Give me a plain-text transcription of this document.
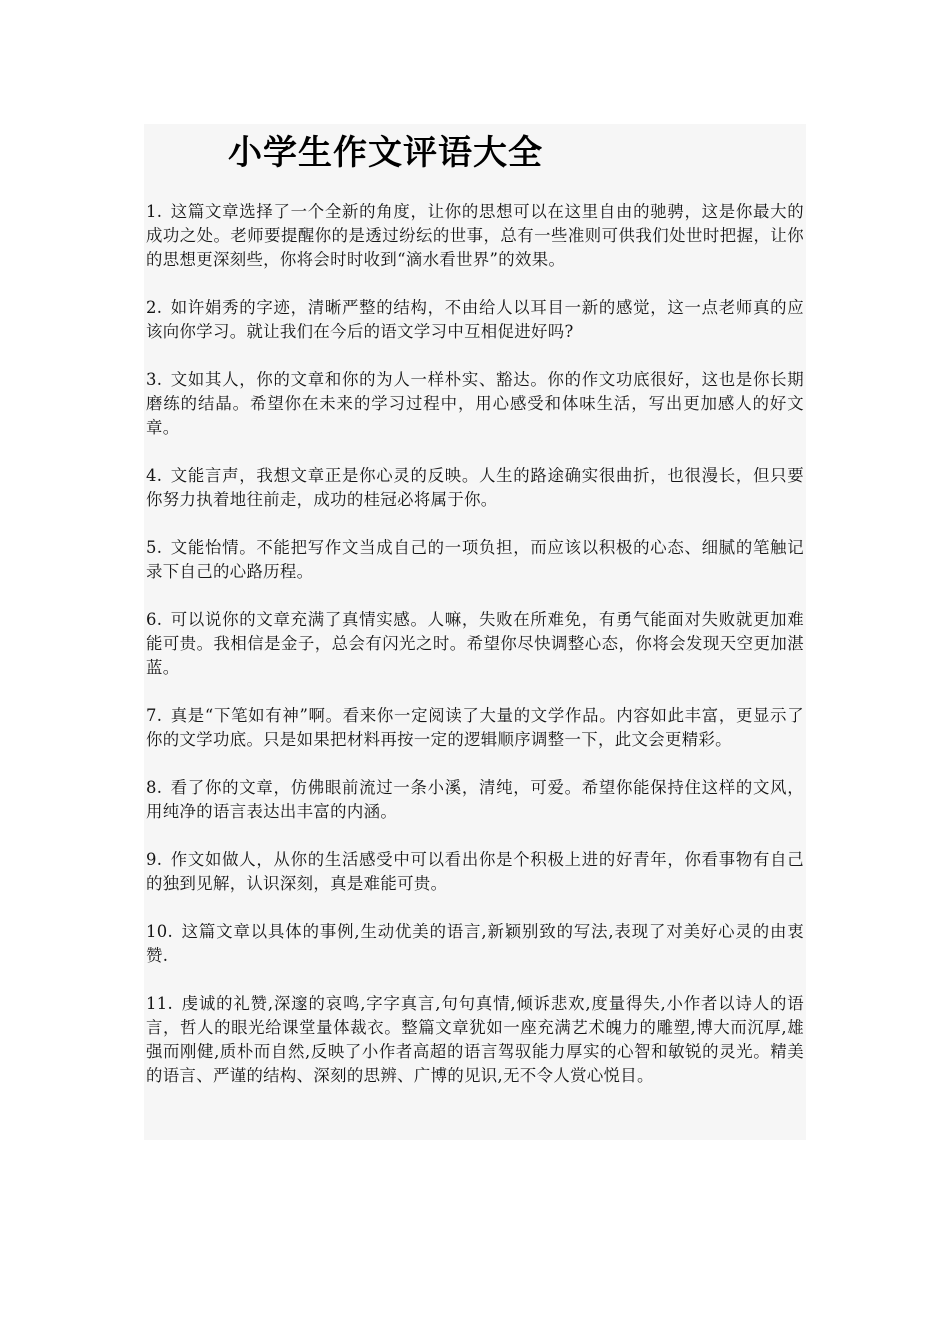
小学生作文评语大全

1. 这篇文章选择了一个全新的角度，让你的思想可以在这里自由的驰骋，这是你最大的成功之处。老师要提醒你的是透过纷纭的世事，总有一些准则可供我们处世时把握，让你的思想更深刻些，你将会时时收到“滴水看世界”的效果。

2. 如许娟秀的字迹，清晰严整的结构，不由给人以耳目一新的感觉，这一点老师真的应该向你学习。就让我们在今后的语文学习中互相促进好吗?

3. 文如其人，你的文章和你的为人一样朴实、豁达。你的作文功底很好，这也是你长期磨练的结晶。希望你在未来的学习过程中，用心感受和体味生活，写出更加感人的好文章。

4. 文能言声，我想文章正是你心灵的反映。人生的路途确实很曲折，也很漫长，但只要你努力执着地往前走，成功的桂冠必将属于你。

5. 文能怡情。不能把写作文当成自己的一项负担，而应该以积极的心态、细腻的笔触记录下自己的心路历程。

6. 可以说你的文章充满了真情实感。人嘛，失败在所难免，有勇气能面对失败就更加难能可贵。我相信是金子，总会有闪光之时。希望你尽快调整心态，你将会发现天空更加湛蓝。

7. 真是“下笔如有神”啊。看来你一定阅读了大量的文学作品。内容如此丰富，更显示了你的文学功底。只是如果把材料再按一定的逻辑顺序调整一下，此文会更精彩。

8. 看了你的文章，仿佛眼前流过一条小溪，清纯，可爱。希望你能保持住这样的文风，用纯净的语言表达出丰富的内涵。

9. 作文如做人，从你的生活感受中可以看出你是个积极上进的好青年，你看事物有自己的独到见解，认识深刻，真是难能可贵。

10. 这篇文章以具体的事例,生动优美的语言,新颖别致的写法,表现了对美好心灵的由衷赞.

11. 虔诚的礼赞,深邃的哀鸣,字字真言,句句真情,倾诉悲欢,度量得失,小作者以诗人的语言，哲人的眼光给课堂量体裁衣。整篇文章犹如一座充满艺术魄力的雕塑,博大而沉厚,雄强而刚健,质朴而自然,反映了小作者高超的语言驾驭能力厚实的心智和敏锐的灵光。精美的语言、严谨的结构、深刻的思辨、广博的见识,无不令人赏心悦目。
